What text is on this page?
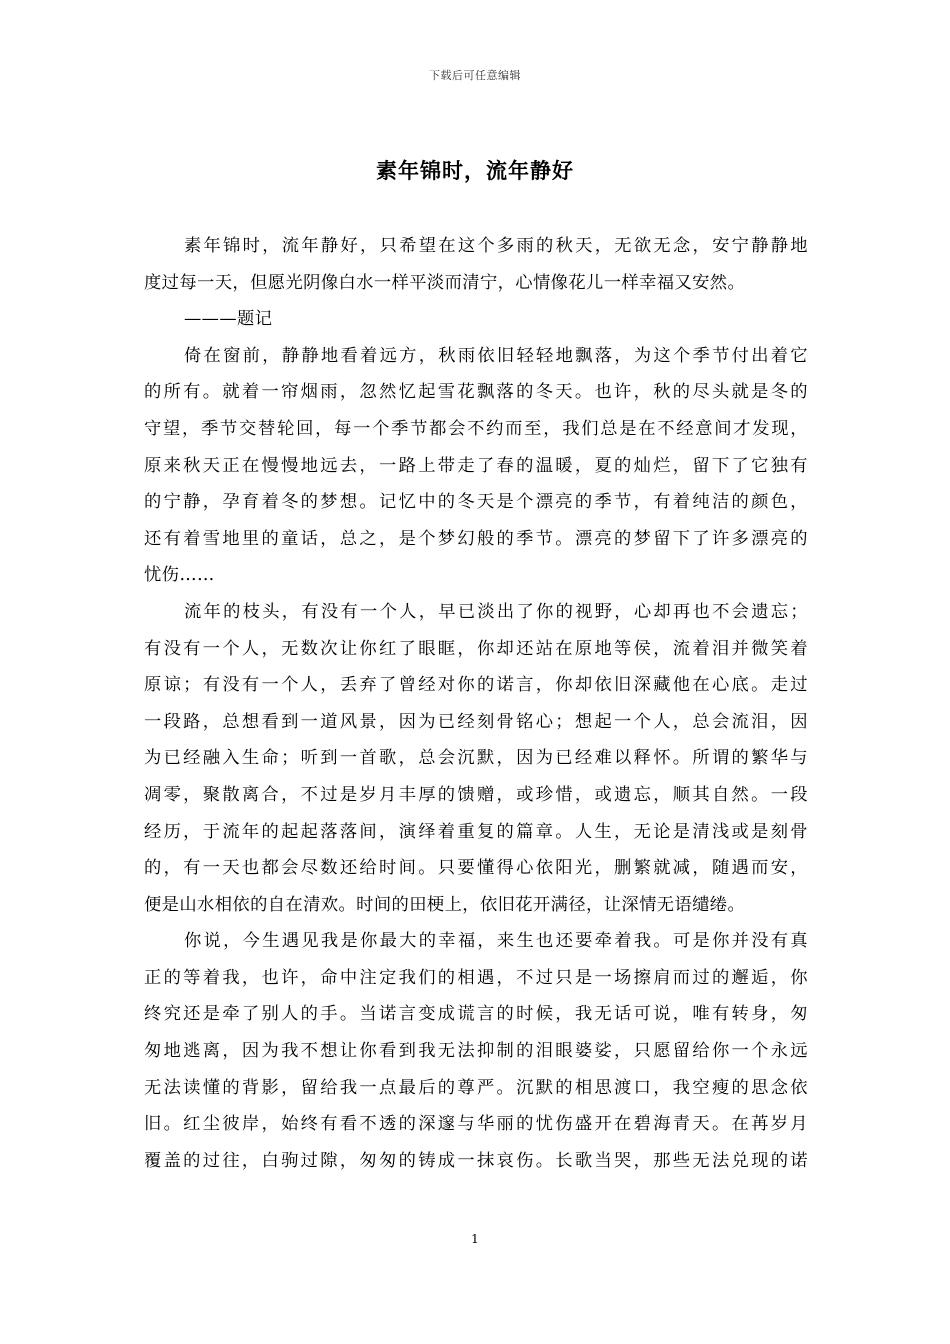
下载后可任意编辑
素年锦时，流年静好
素年锦时，流年静好，只希望在这个多雨的秋天，无欲无念，安宁静静地
度过每一天，但愿光阴像白水一样平淡而清宁，心情像花儿一样幸福又安然。
———题记
倚在窗前，静静地看着远方，秋雨依旧轻轻地飘落，为这个季节付出着它
的所有。就着一帘烟雨，忽然忆起雪花飘落的冬天。也许，秋的尽头就是冬的
守望，季节交替轮回，每一个季节都会不约而至，我们总是在不经意间才发现，
原来秋天正在慢慢地远去，一路上带走了春的温暖，夏的灿烂，留下了它独有
的宁静，孕育着冬的梦想。记忆中的冬天是个漂亮的季节，有着纯洁的颜色，
还有着雪地里的童话，总之，是个梦幻般的季节。漂亮的梦留下了许多漂亮的
忧伤……
流年的枝头，有没有一个人，早已淡出了你的视野，心却再也不会遗忘；
有没有一个人，无数次让你红了眼眶，你却还站在原地等侯，流着泪并微笑着
原谅；有没有一个人，丢弃了曾经对你的诺言，你却依旧深藏他在心底。走过
一段路，总想看到一道风景，因为已经刻骨铭心；想起一个人，总会流泪，因
为已经融入生命；听到一首歌，总会沉默，因为已经难以释怀。所谓的繁华与
凋零，聚散离合，不过是岁月丰厚的馈赠，或珍惜，或遗忘，顺其自然。一段
经历，于流年的起起落落间，演绎着重复的篇章。人生，无论是清浅或是刻骨
的，有一天也都会尽数还给时间。只要懂得心依阳光，删繁就减，随遇而安，
便是山水相依的自在清欢。时间的田梗上，依旧花开满径，让深情无语缱绻。
你说，今生遇见我是你最大的幸福，来生也还要牵着我。可是你并没有真
正的等着我，也许，命中注定我们的相遇，不过只是一场擦肩而过的邂逅，你
终究还是牵了别人的手。当诺言变成谎言的时候，我无话可说，唯有转身，匆
匆地逃离，因为我不想让你看到我无法抑制的泪眼婆娑，只愿留给你一个永远
无法读懂的背影，留给我一点最后的尊严。沉默的相思渡口，我空瘦的思念依
旧。红尘彼岸，始终有看不透的深邃与华丽的忧伤盛开在碧海青天。在苒岁月
覆盖的过往，白驹过隙，匆匆的铸成一抹哀伤。长歌当哭，那些无法兑现的诺
1
